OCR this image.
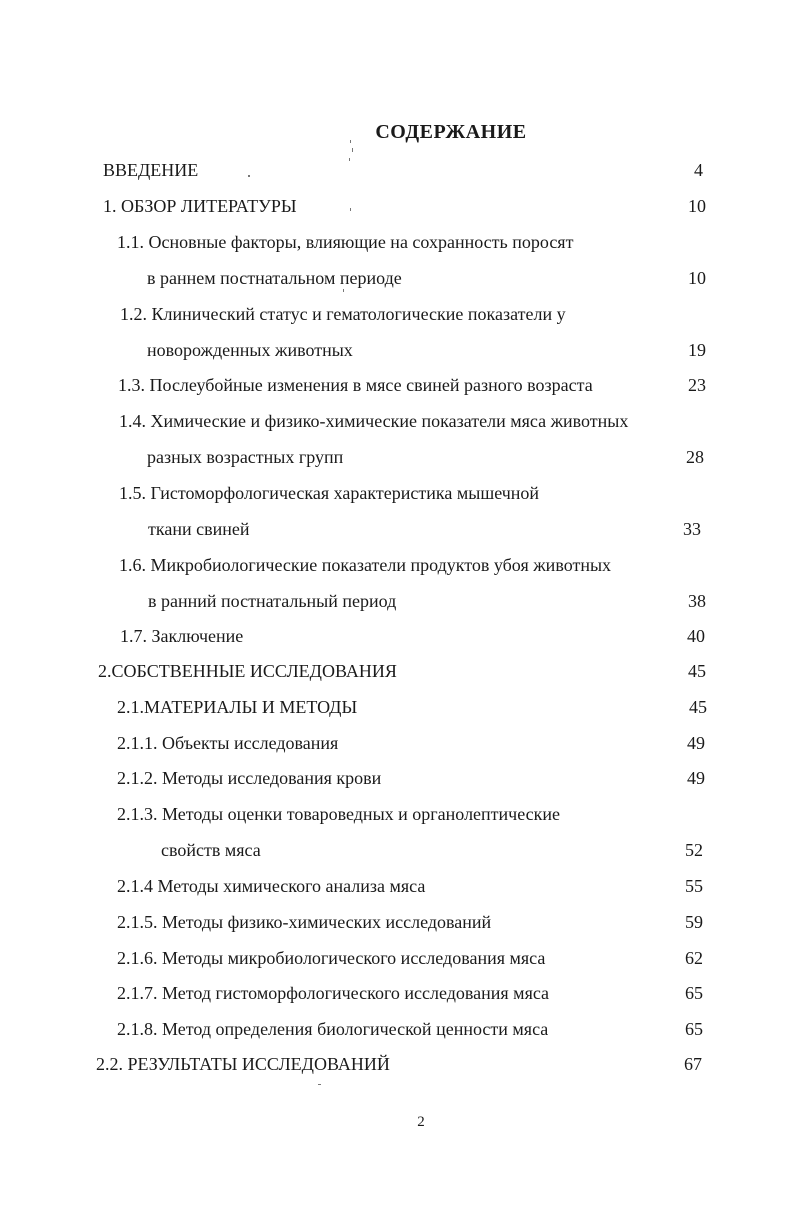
СОДЕРЖАНИЕ
ВВЕДЕНИЕ	4
1. ОБЗОР ЛИТЕРАТУРЫ	10
1.1. Основные факторы, влияющие на сохранность поросят
в раннем постнатальном периоде	10
1.2. Клинический статус и гематологические показатели у
новорожденных животных	19
1.3. Послеубойные изменения в мясе свиней разного возраста	23
1.4. Химические и физико-химические показатели мяса животных
разных возрастных групп	28
1.5. Гистоморфологическая характеристика мышечной
ткани свиней	33
1.6. Микробиологические показатели продуктов убоя животных
в ранний постнатальный период	38
1.7. Заключение	40
2.СОБСТВЕННЫЕ ИССЛЕДОВАНИЯ	45
2.1.МАТЕРИАЛЫ И МЕТОДЫ	45
2.1.1. Объекты исследования	49
2.1.2. Методы исследования крови	49
2.1.3. Методы оценки товароведных и органолептические
свойств мяса	52
2.1.4 Методы химического анализа мяса	55
2.1.5. Методы физико-химических исследований	59
2.1.6. Методы микробиологического исследования мяса	62
2.1.7. Метод гистоморфологического исследования мяса	65
2.1.8. Метод определения биологической ценности мяса	65
2.2. РЕЗУЛЬТАТЫ ИССЛЕДОВАНИЙ	67
2
